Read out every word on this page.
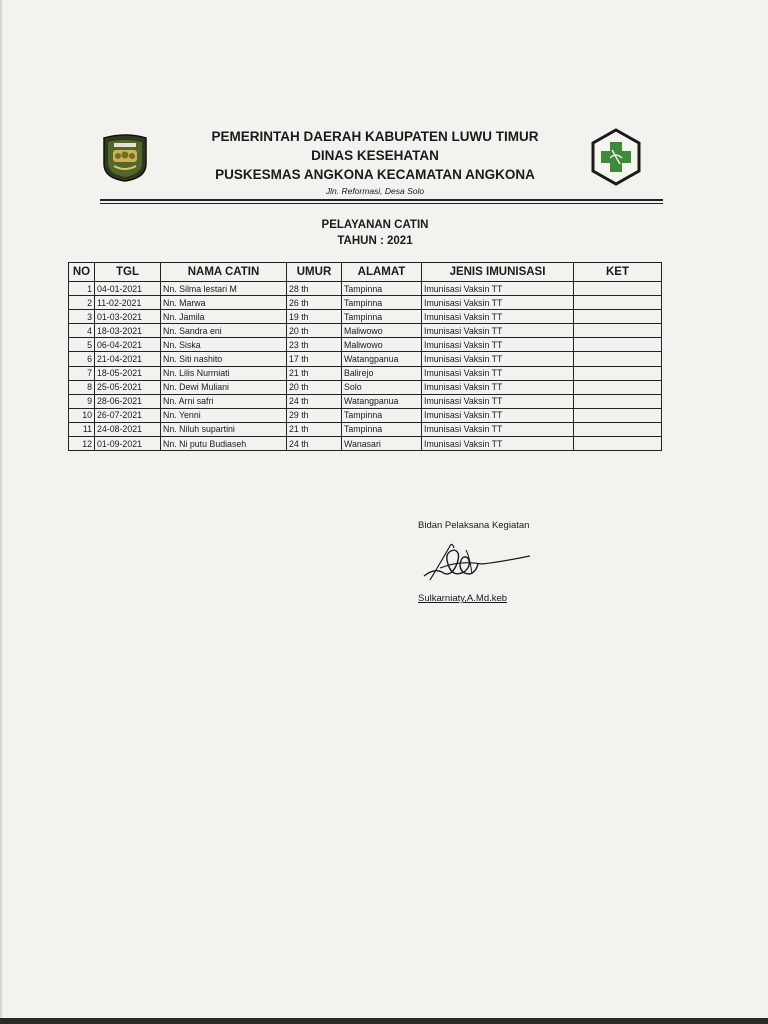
PEMERINTAH DAERAH KABUPATEN LUWU TIMUR
DINAS KESEHATAN
PUSKESMAS ANGKONA KECAMATAN ANGKONA
Jln. Reformasi, Desa Solo
PELAYANAN CATIN
TAHUN : 2021
NO	TGL	NAMA CATIN	UMUR	ALAMAT	JENIS IMUNISASI	KET
1	04-01-2021	Nn. Silma lestari M	28 th	Tampinna	Imunisasi Vaksin TT	
2	11-02-2021	Nn. Marwa	26 th	Tampinna	Imunisasi Vaksin TT	
3	01-03-2021	Nn. Jamila	19 th	Tampinna	Imunisasi Vaksin TT	
4	18-03-2021	Nn. Sandra eni	20 th	Maliwowo	Imunisasi Vaksin TT	
5	06-04-2021	Nn. Siska	23 th	Maliwowo	Imunisasi Vaksin TT	
6	21-04-2021	Nn. Siti nashito	17 th	Watangpanua	Imunisasi Vaksin TT	
7	18-05-2021	Nn. Lilis Nurmiati	21 th	Balirejo	Imunisasi Vaksin TT	
8	25-05-2021	Nn. Dewi Muliani	20 th	Solo	Imunisasi Vaksin TT	
9	28-06-2021	Nn. Arni safri	24 th	Watangpanua	Imunisasi Vaksin TT	
10	26-07-2021	Nn. Yenni	29 th	Tampinna	Imunisasi Vaksin TT	
11	24-08-2021	Nn. Niluh supartini	21 th	Tampinna	Imunisasi Vaksin TT	
12	01-09-2021	Nn. Ni putu Budiaseh	24 th	Wanasari	Imunisasi Vaksin TT	
Bidan Pelaksana Kegiatan
Sulkarniaty,A.Md.keb
